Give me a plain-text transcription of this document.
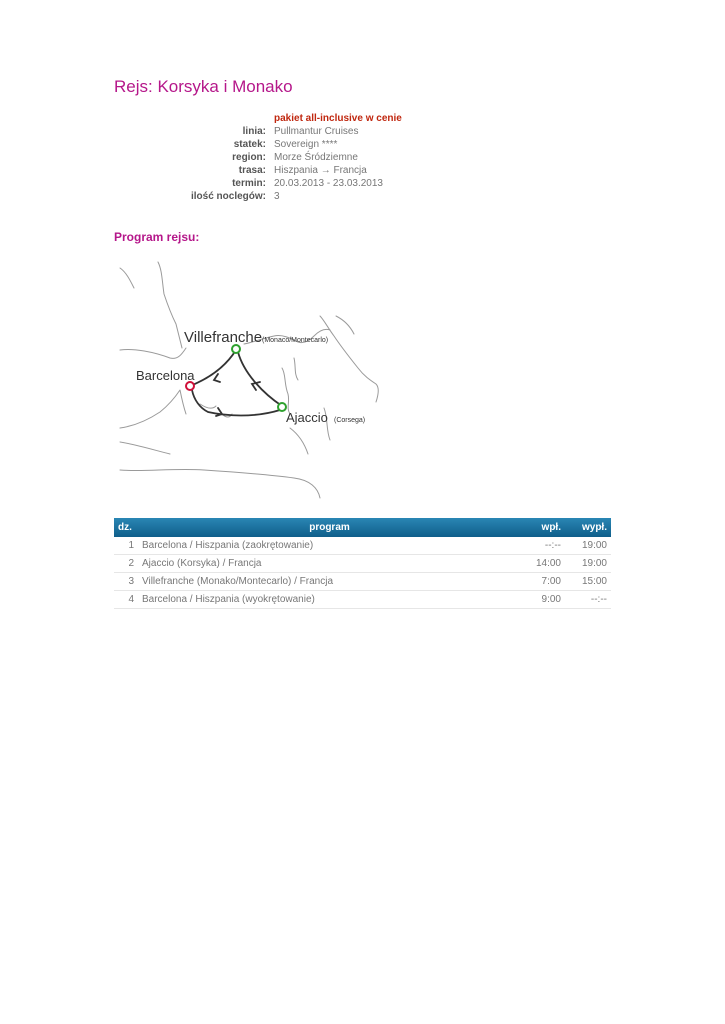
Rejs: Korsyka i Monako
pakiet all-inclusive w cenie
linia: Pullmantur Cruises
statek: Sovereign ****
region: Morze Śródziemne
trasa: Hiszpania → Francja
termin: 20.03.2013 - 23.03.2013
ilość noclegów: 3
Program rejsu:
Villefranche (Monaco/Montecarlo)
Barcelona
Ajaccio (Corsega)
dz.	program	wpł.	wypł.
1	Barcelona / Hiszpania (zaokrętowanie)	--:--	19:00
2	Ajaccio (Korsyka) / Francja	14:00	19:00
3	Villefranche (Monako/Montecarlo) / Francja	7:00	15:00
4	Barcelona / Hiszpania (wyokrętowanie)	9:00	--:--
